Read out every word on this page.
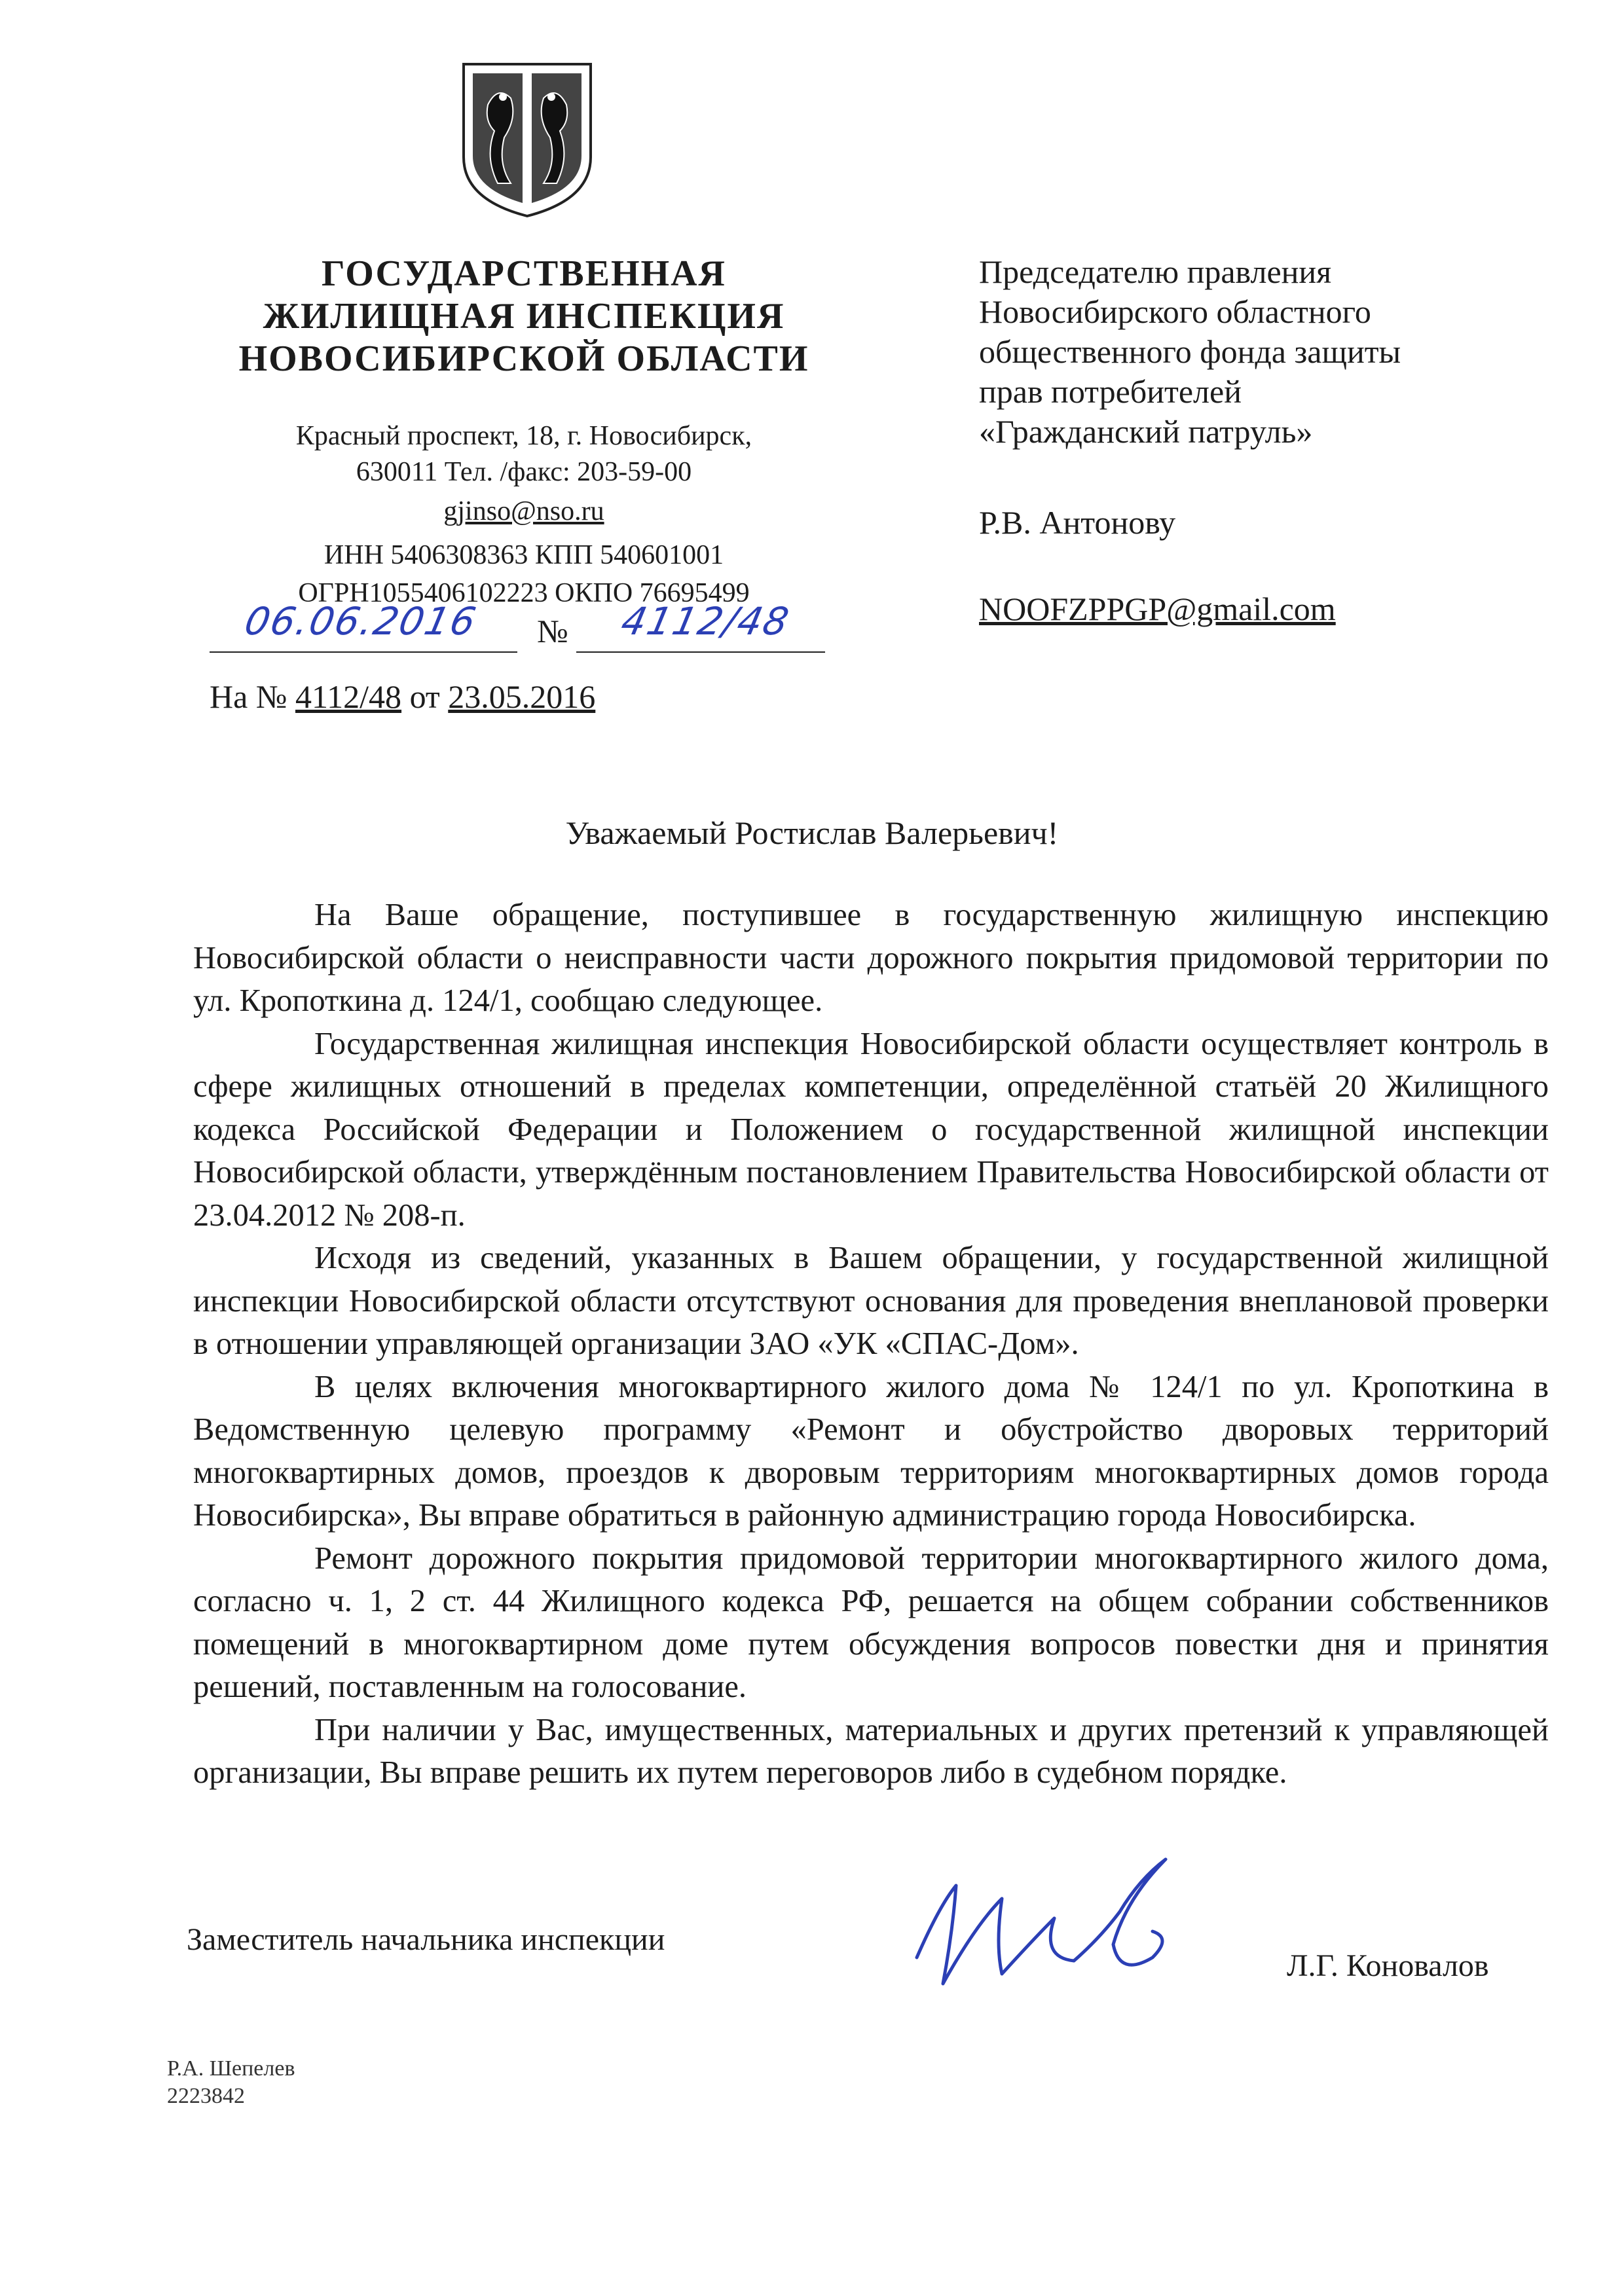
ГОСУДАРСТВЕННАЯ
ЖИЛИЩНАЯ ИНСПЕКЦИЯ
НОВОСИБИРСКОЙ ОБЛАСТИ
Красный проспект, 18, г. Новосибирск,
630011 Тел. /факс: 203-59-00
gjinso@nso.ru
ИНН 5406308363 КПП 540601001
ОГРН1055406102223 ОКПО 76695499
06.06.2016 № 4112/48
На № 4112/48 от 23.05.2016
Председателю правления
Новосибирского областного
общественного фонда защиты
прав потребителей
«Гражданский патруль»
Р.В. Антонову
NOOFZPPGP@gmail.com
Уважаемый Ростислав Валерьевич!

На Ваше обращение, поступившее в государственную жилищную инспекцию Новосибирской области о неисправности части дорожного покрытия придомовой территории по ул. Кропоткина д. 124/1, сообщаю следующее.

Государственная жилищная инспекция Новосибирской области осуществляет контроль в сфере жилищных отношений в пределах компетенции, определённой статьёй 20 Жилищного кодекса Российской Федерации и Положением о государственной жилищной инспекции Новосибирской области, утверждённым постановлением Правительства Новосибирской области от 23.04.2012 № 208-п.

Исходя из сведений, указанных в Вашем обращении, у государственной жилищной инспекции Новосибирской области отсутствуют основания для проведения внеплановой проверки в отношении управляющей организации ЗАО «УК «СПАС-Дом».

В целях включения многоквартирного жилого дома № 124/1 по ул. Кропоткина в Ведомственную целевую программу «Ремонт и обустройство дворовых территорий многоквартирных домов, проездов к дворовым территориям многоквартирных домов города Новосибирска», Вы вправе обратиться в районную администрацию города Новосибирска.

Ремонт дорожного покрытия придомовой территории многоквартирного жилого дома, согласно ч. 1, 2 ст. 44 Жилищного кодекса РФ, решается на общем собрании собственников помещений в многоквартирном доме путем обсуждения вопросов повестки дня и принятия решений, поставленным на голосование.

При наличии у Вас, имущественных, материальных и других претензий к управляющей организации, Вы вправе решить их путем переговоров либо в судебном порядке.

Заместитель начальника инспекции
Л.Г. Коновалов
Р.А. Шепелев
2223842
